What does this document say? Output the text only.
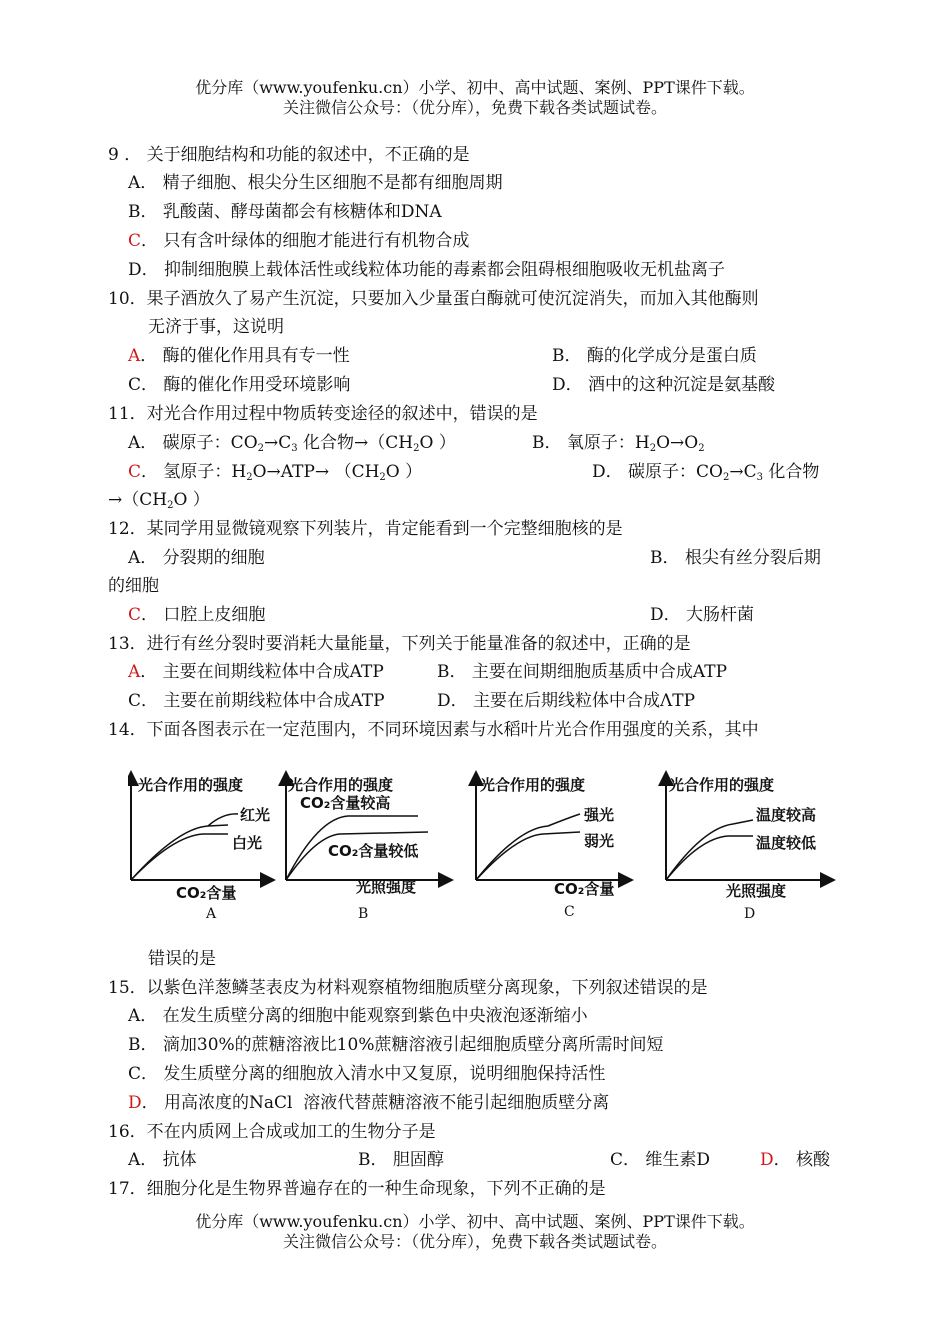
优分库（www.youfenku.cn）小学、初中、高中试题、案例、PPT课件下载。
关注微信公众号：（优分库），免费下载各类试题试卷。
9 ． 关于细胞结构和功能的叙述中，不正确的是
A． 精子细胞、根尖分生区细胞不是都有细胞周期
B． 乳酸菌、酵母菌都会有核糖体和DNA
C． 只有含叶绿体的细胞才能进行有机物合成
D． 抑制细胞膜上载体活性或线粒体功能的毒素都会阻碍根细胞吸收无机盐离子
10．果子酒放久了易产生沉淀，只要加入少量蛋白酶就可使沉淀消失，而加入其他酶则
无济于事，这说明
A． 酶的催化作用具有专一性	B． 酶的化学成分是蛋白质
C． 酶的催化作用受环境影响	D． 酒中的这种沉淀是氨基酸
11．对光合作用过程中物质转变途径的叙述中，错误的是
A． 碳原子：$CO_2\to C_3$ 化合物$\to(CH_2O$ ）	B． 氧原子：$H_2O\to O_2$
C． 氢原子：$H_2O\to ATP\to (CH_2O$ ）	D． 碳原子：$CO_2\to C_3$ 化合物
$\to(CH_2O$ ）
12．某同学用显微镜观察下列装片，肯定能看到一个完整细胞核的是
A． 分裂期的细胞	B． 根尖有丝分裂后期
的细胞
C． 口腔上皮细胞	D． 大肠杆菌
13．进行有丝分裂时要消耗大量能量，下列关于能量准备的叙述中，正确的是
A． 主要在间期线粒体中合成ATP	B． 主要在间期细胞质基质中合成ATP
C． 主要在前期线粒体中合成ATP	D． 主要在后期线粒体中合成ΛTP
14．下面各图表示在一定范围内，不同环境因素与水稻叶片光合作用强度的关系，其中
光合作用的强度
红光
白光
CO₂含量
A
光合作用的强度
CO₂含量较高
CO₂含量较低
光照强度
B
光合作用的强度
强光
弱光
CO₂含量
C
光合作用的强度
温度较高
温度较低
光照强度
D
错误的是
15．以紫色洋葱鳞茎表皮为材料观察植物细胞质壁分离现象，下列叙述错误的是
A． 在发生质壁分离的细胞中能观察到紫色中央液泡逐渐缩小
B． 滴加30%的蔗糖溶液比10%蔗糖溶液引起细胞质壁分离所需时间短
C． 发生质壁分离的细胞放入清水中又复原，说明细胞保持活性
D． 用高浓度的NaCl  溶液代替蔗糖溶液不能引起细胞质壁分离
16．不在内质网上合成或加工的生物分子是
A． 抗体	B． 胆固醇	C． 维生素D	D． 核酸
17．细胞分化是生物界普遍存在的一种生命现象，下列不正确的是
优分库（www.youfenku.cn）小学、初中、高中试题、案例、PPT课件下载。
关注微信公众号：（优分库），免费下载各类试题试卷。
